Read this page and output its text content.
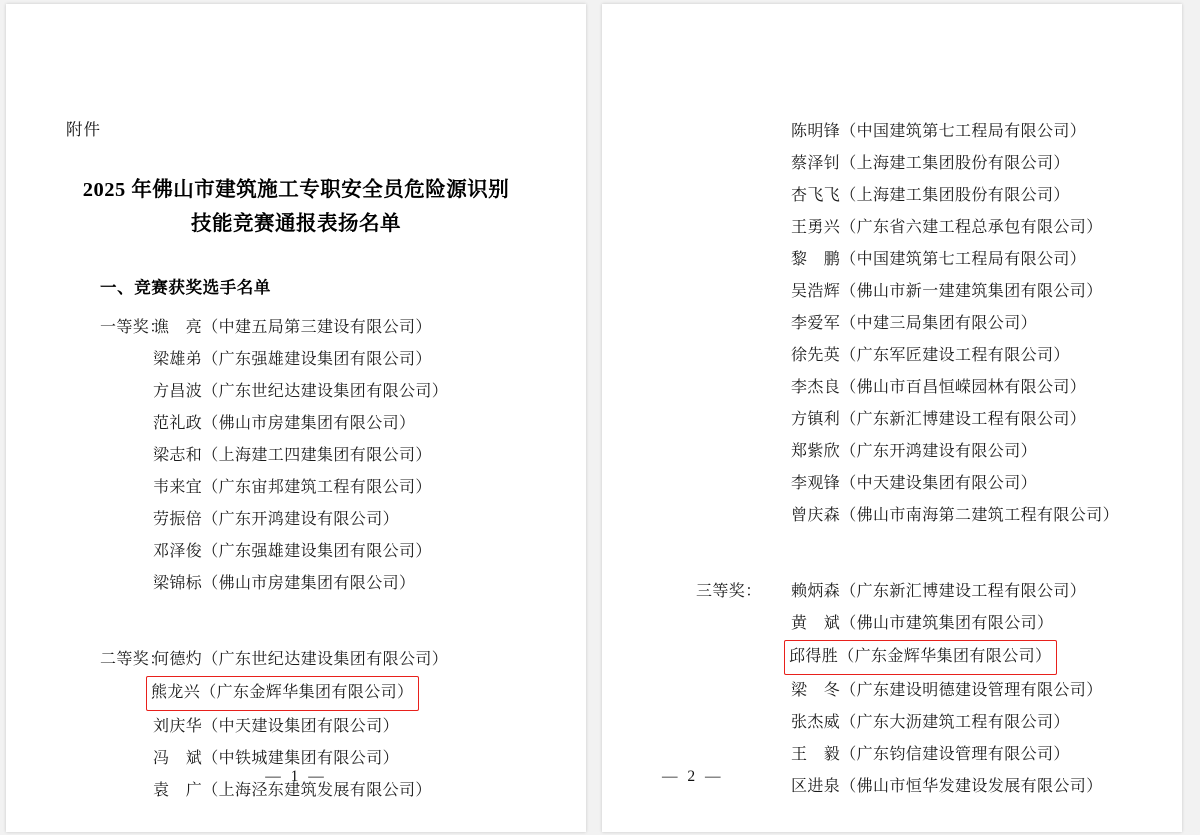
附件
2025 年佛山市建筑施工专职安全员危险源识别
技能竞赛通报表扬名单
一、竞赛获奖选手名单
一等奖：
谯　亮（中建五局第三建设有限公司）
梁雄弟（广东强雄建设集团有限公司）
方昌波（广东世纪达建设集团有限公司）
范礼政（佛山市房建集团有限公司）
梁志和（上海建工四建集团有限公司）
韦来宜（广东宙邦建筑工程有限公司）
劳振倍（广东开鸿建设有限公司）
邓泽俊（广东强雄建设集团有限公司）
梁锦标（佛山市房建集团有限公司）
二等奖：
何德灼（广东世纪达建设集团有限公司）
熊龙兴（广东金辉华集团有限公司）
刘庆华（中天建设集团有限公司）
冯　斌（中铁城建集团有限公司）
袁　广（上海泾东建筑发展有限公司）
— 1 —
陈明锋（中国建筑第七工程局有限公司）
蔡泽钊（上海建工集团股份有限公司）
杏飞飞（上海建工集团股份有限公司）
王勇兴（广东省六建工程总承包有限公司）
黎　鹏（中国建筑第七工程局有限公司）
吴浩辉（佛山市新一建建筑集团有限公司）
李爱军（中建三局集团有限公司）
徐先英（广东军匠建设工程有限公司）
李杰良（佛山市百昌恒嵘园林有限公司）
方镇利（广东新汇博建设工程有限公司）
郑紫欣（广东开鸿建设有限公司）
李观锋（中天建设集团有限公司）
曾庆森（佛山市南海第二建筑工程有限公司）
三等奖：	赖炳森（广东新汇博建设工程有限公司）
黄　斌（佛山市建筑集团有限公司）
邱得胜（广东金辉华集团有限公司）
梁　冬（广东建设明德建设管理有限公司）
张杰威（广东大沥建筑工程有限公司）
王　毅（广东钧信建设管理有限公司）
区进泉（佛山市恒华发建设发展有限公司）
— 2 —
